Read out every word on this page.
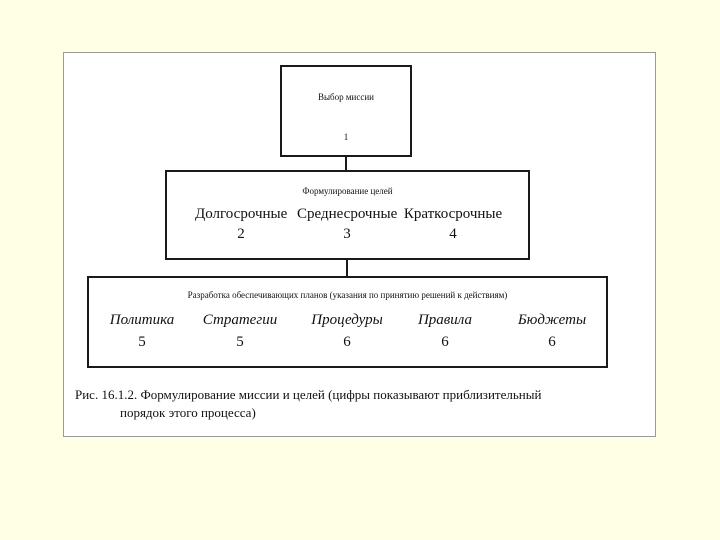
Выбор миссии
1
Формулирование целей
Долгосрочные
2
Среднесрочные
3
Краткосрочные
4
Разработка обеспечивающих планов (указания по принятию решений к действиям)
Политика
5
Стратегии
5
Процедуры
6
Правила
6
Бюджеты
6
Рис. 16.1.2. Формулирование миссии и целей (цифры показывают приблизительный
порядок этого процесса)
